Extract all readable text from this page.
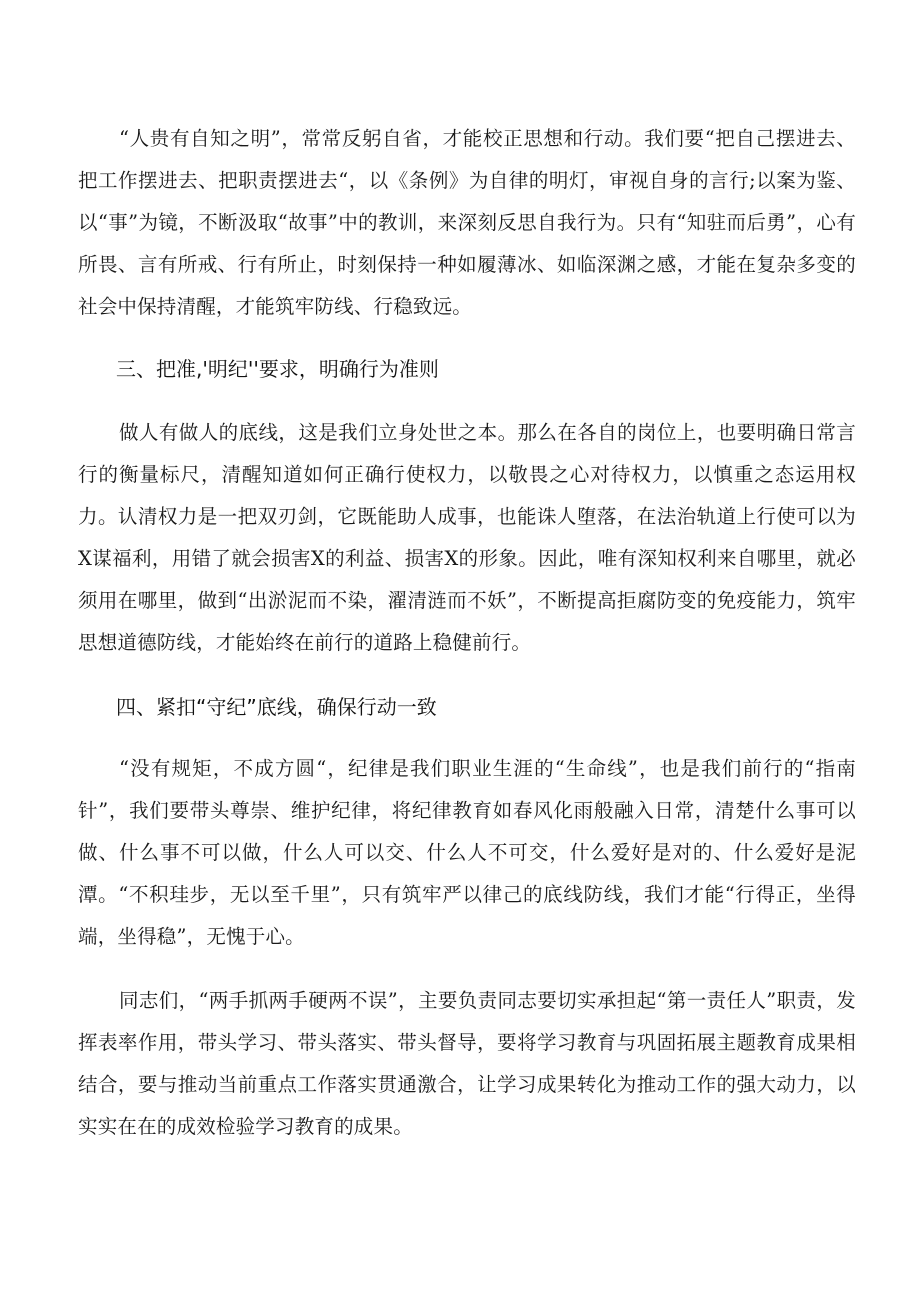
“人贵有自知之明”，常常反躬自省，才能校正思想和行动。我们要“把自己摆进去、把工作摆进去、把职责摆进去“，以《条例》为自律的明灯，审视自身的言行;以案为鉴、以“事”为镜，不断汲取“故事”中的教训，来深刻反思自我行为。只有“知驻而后勇”，心有所畏、言有所戒、行有所止，时刻保持一种如履薄冰、如临深渊之感，才能在复杂多变的社会中保持清醒，才能筑牢防线、行稳致远。

三、把准,'明纪''要求，明确行为准则

做人有做人的底线，这是我们立身处世之本。那么在各自的岗位上，也要明确日常言行的衡量标尺，清醒知道如何正确行使权力，以敬畏之心对待权力，以慎重之态运用权力。认清权力是一把双刃剑，它既能助人成事，也能诛人堕落，在法治轨道上行使可以为X谋福利，用错了就会损害X的利益、损害X的形象。因此，唯有深知权利来自哪里，就必须用在哪里，做到“出淤泥而不染，濯清涟而不妖”，不断提高拒腐防变的免疫能力，筑牢思想道德防线，才能始终在前行的道路上稳健前行。

四、紧扣“守纪”底线，确保行动一致

“没有规矩，不成方圆“，纪律是我们职业生涯的“生命线”，也是我们前行的“指南针”，我们要带头尊崇、维护纪律，将纪律教育如春风化雨般融入日常，清楚什么事可以做、什么事不可以做，什么人可以交、什么人不可交，什么爱好是对的、什么爱好是泥潭。“不积珪步，无以至千里”，只有筑牢严以律己的底线防线，我们才能“行得正，坐得端，坐得稳”，无愧于心。

同志们，“两手抓两手硬两不误”，主要负责同志要切实承担起“第一责任人”职责，发挥表率作用，带头学习、带头落实、带头督导，要将学习教育与巩固拓展主题教育成果相结合，要与推动当前重点工作落实贯通激合，让学习成果转化为推动工作的强大动力，以实实在在的成效检验学习教育的成果。
